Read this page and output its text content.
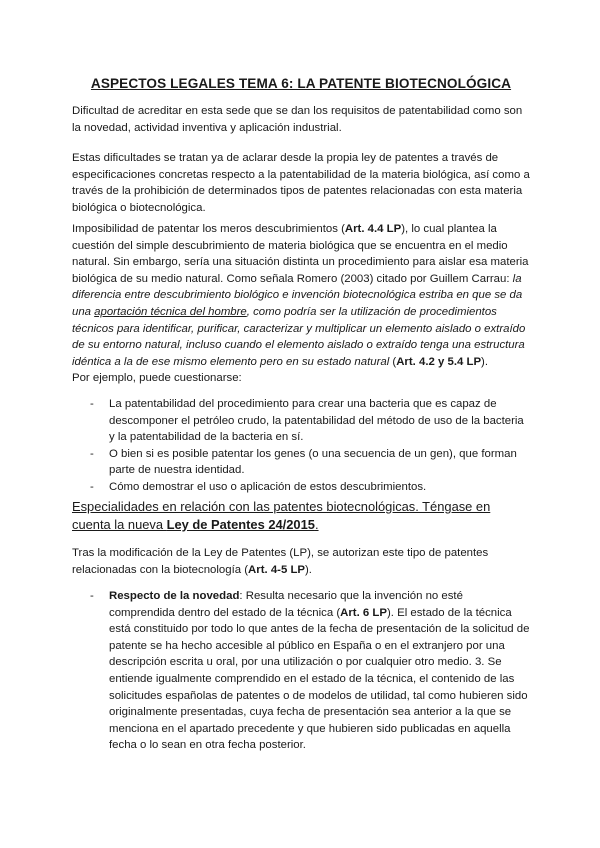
ASPECTOS LEGALES TEMA 6: LA PATENTE BIOTECNOLÓGICA

Dificultad de acreditar en esta sede que se dan los requisitos de patentabilidad como son la novedad, actividad inventiva y aplicación industrial.

Estas dificultades se tratan ya de aclarar desde la propia ley de patentes a través de especificaciones concretas respecto a la patentabilidad de la materia biológica, así como a través de la prohibición de determinados tipos de patentes relacionadas con esta materia biológica o biotecnológica.

Imposibilidad de patentar los meros descubrimientos (Art. 4.4 LP), lo cual plantea la cuestión del simple descubrimiento de materia biológica que se encuentra en el medio natural. Sin embargo, sería una situación distinta un procedimiento para aislar esa materia biológica de su medio natural. Como señala Romero (2003) citado por Guillem Carrau: la diferencia entre descubrimiento biológico e invención biotecnológica estriba en que se da una aportación técnica del hombre, como podría ser la utilización de procedimientos técnicos para identificar, purificar, caracterizar y multiplicar un elemento aislado o extraído de su entorno natural, incluso cuando el elemento aislado o extraído tenga una estructura idéntica a la de ese mismo elemento pero en su estado natural (Art. 4.2 y 5.4 LP).

Por ejemplo, puede cuestionarse:

- La patentabilidad del procedimiento para crear una bacteria que es capaz de descomponer el petróleo crudo, la patentabilidad del método de uso de la bacteria y la patentabilidad de la bacteria en sí.
- O bien si es posible patentar los genes (o una secuencia de un gen), que forman parte de nuestra identidad.
- Cómo demostrar el uso o aplicación de estos descubrimientos.
Especialidades en relación con las patentes biotecnológicas. Téngase en cuenta la nueva Ley de Patentes 24/2015.

Tras la modificación de la Ley de Patentes (LP), se autorizan este tipo de patentes relacionadas con la biotecnología (Art. 4-5 LP).

- Respecto de la novedad: Resulta necesario que la invención no esté comprendida dentro del estado de la técnica (Art. 6 LP). El estado de la técnica está constituido por todo lo que antes de la fecha de presentación de la solicitud de patente se ha hecho accesible al público en España o en el extranjero por una descripción escrita u oral, por una utilización o por cualquier otro medio. 3. Se entiende igualmente comprendido en el estado de la técnica, el contenido de las solicitudes españolas de patentes o de modelos de utilidad, tal como hubieren sido originalmente presentadas, cuya fecha de presentación sea anterior a la que se menciona en el apartado precedente y que hubieren sido publicadas en aquella fecha o lo sean en otra fecha posterior.
